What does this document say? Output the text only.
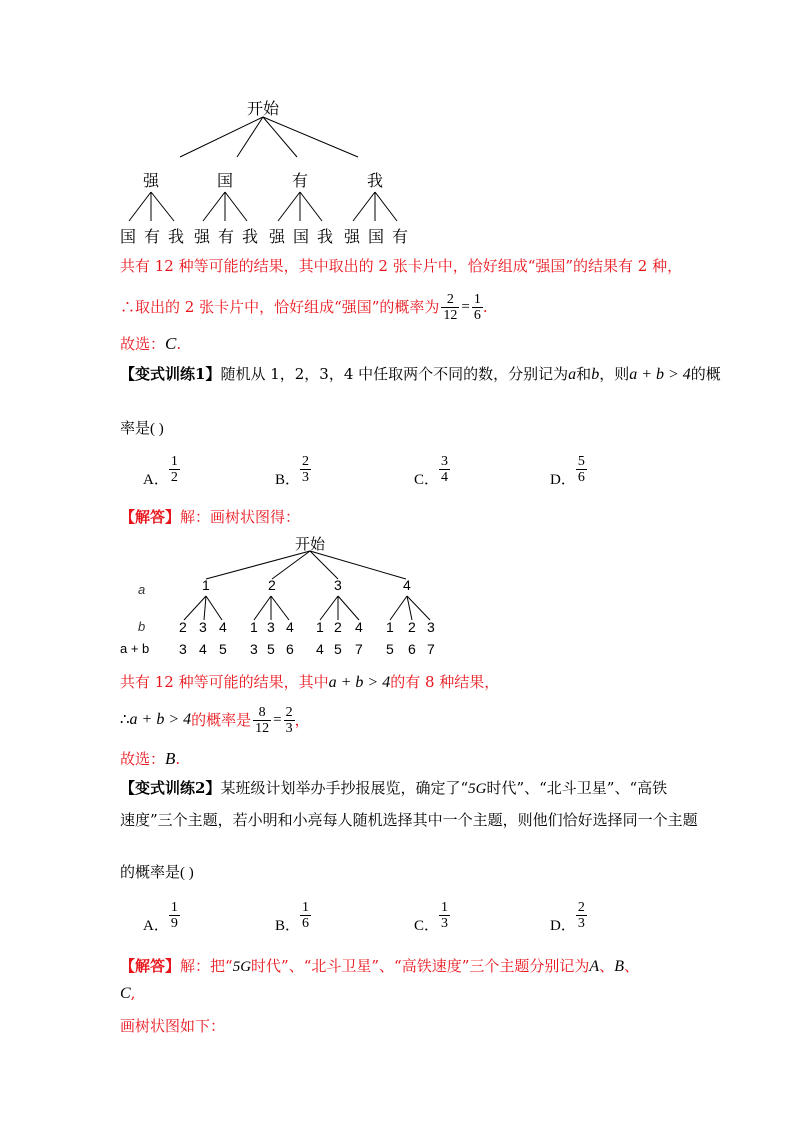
开始
强	国	有	我
国 有 我 强 有 我 强 国 我 强 国 有
共有 12 种等可能的结果，其中取出的 2 张卡片中，恰好组成“强国”的结果有 2 种，
∴取出的 2 张卡片中，恰好组成“强国”的概率为 $\frac{2}{12} = \frac{1}{6}$ .
故选：C.
【变式训练1】随机从 1，2，3，4 中任取两个不同的数，分别记为a和b，则a + b > 4的概
率是( )
A． $\frac{1}{2}$	B． $\frac{2}{3}$	C． $\frac{3}{4}$	D． $\frac{5}{6}$
【解答】解：画树状图得：
开始
a
b
a + b
1	2	3	4
2 3 4 1 3 4 1 2 4 1 2 3
3 4 5 3 5 6 4 5 7 5 6 7
共有 12 种等可能的结果，其中a + b > 4的有 8 种结果，
∴ a + b > 4 的概率是 $\frac{8}{12} = \frac{2}{3}$ ，
故选：B.
【变式训练2】某班级计划举办手抄报展览，确定了“5G时代”、“北斗卫星”、“高铁
速度”三个主题，若小明和小亮每人随机选择其中一个主题，则他们恰好选择同一个主题
的概率是( )
A． $\frac{1}{9}$	B． $\frac{1}{6}$	C． $\frac{1}{3}$	D． $\frac{2}{3}$
【解答】解：把“5G时代”、“北斗卫星”、“高铁速度”三个主题分别记为A、B、
C,
画树状图如下：
